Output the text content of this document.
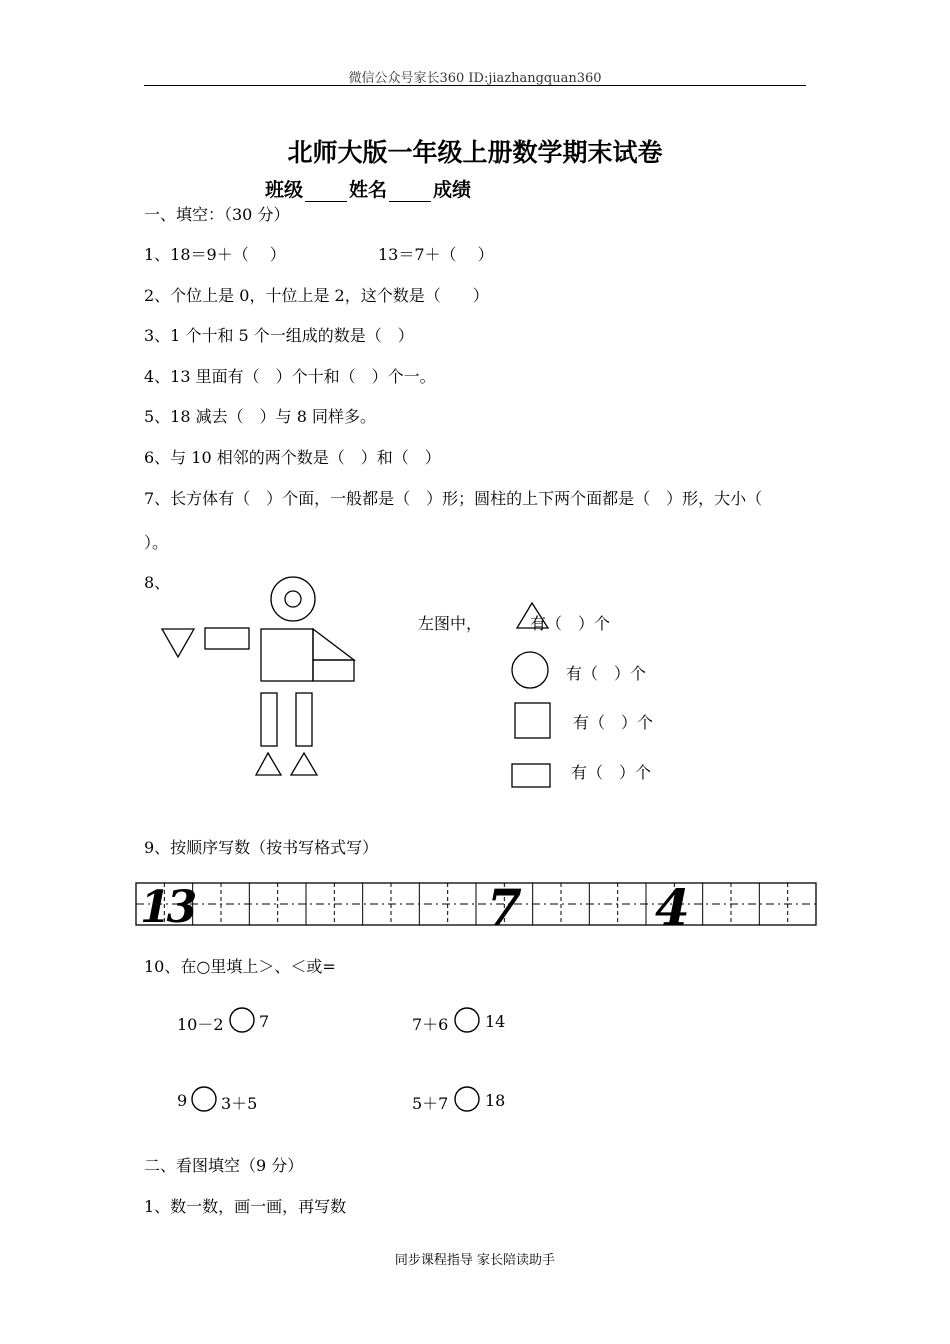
微信公众号家长360 ID:jiazhangquan360
北师大版一年级上册数学期末试卷
班级 姓名 成绩
一、填空：（30 分）
1、18＝9＋（　 ）	13＝7＋（　 ）
2、个位上是 0，十位上是 2，这个数是（　　）
3、1 个十和 5 个一组成的数是（　）
4、13 里面有（　）个十和（　）个一。
5、18 减去（　）与 8 同样多。
6、与 10 相邻的两个数是（　）和（　）
7、长方体有（　）个面，一般都是（　）形；圆柱的上下两个面都是（　）形，大小（
）。
8、
左图中，	有（　）个
有（　）个
有（　）个
有（　）个
9、按顺序写数（按书写格式写）
13	7	4
10、在○里填上＞、＜或=
10－2 7	7＋6 14
9 3＋5	5＋7 18
二、看图填空（9 分）
1、数一数，画一画，再写数
同步课程指导 家长陪读助手
